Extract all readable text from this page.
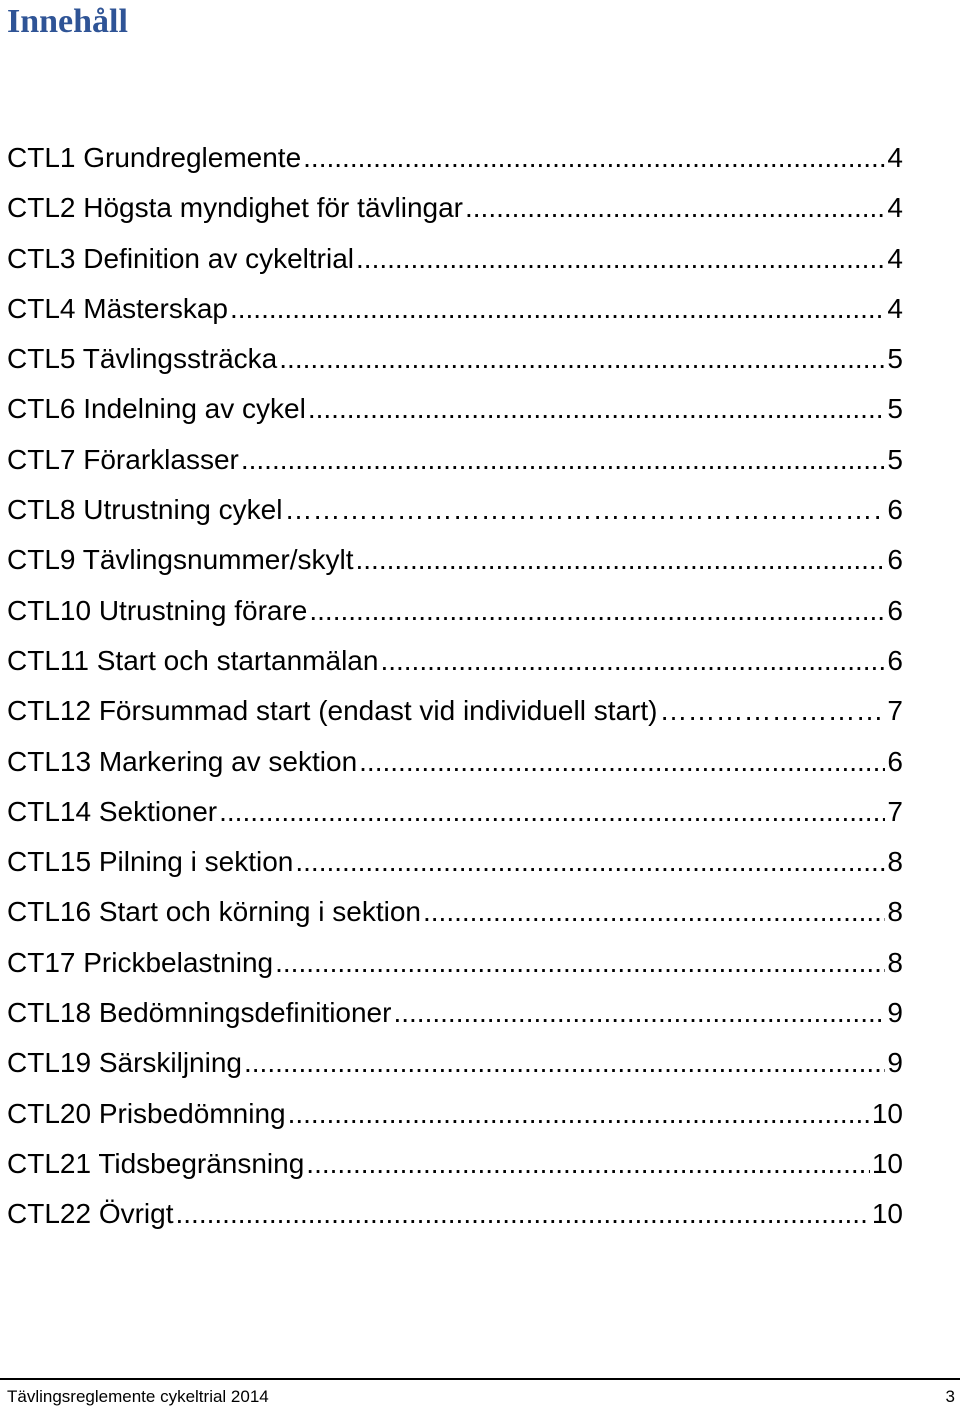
Innehåll
CTL1 Grundreglemente .....	4
CTL2 Högsta myndighet för tävlingar .....	4
CTL3 Definition av cykeltrial .....	4
CTL4 Mästerskap .....	4
CTL5 Tävlingssträcka .....	5
CTL6 Indelning av cykel .....	5
CTL7 Förarklasser .....	5
CTL8 Utrustning cykel …………………………………………………………………………………………………………………………………………………………………………………………………………	6
CTL9 Tävlingsnummer/skylt .....	6
CTL10 Utrustning förare .....	6
CTL11 Start och startanmälan .....	6
CTL12 Försummad start (endast vid individuell start) …………………………………………………………………………………………………………………………………………………………………………………………………………	7
CTL13 Markering av sektion .....	6
CTL14 Sektioner .....	7
CTL15 Pilning i sektion .....	8
CTL16 Start och körning i sektion .....	8
CT17 Prickbelastning .....	8
CTL18 Bedömningsdefinitioner .....	9
CTL19 Särskiljning .....	9
CTL20 Prisbedömning .....	10
CTL21 Tidsbegränsning .....	10
CTL22 Övrigt .....	10
Tävlingsreglemente cykeltrial 2014	3
